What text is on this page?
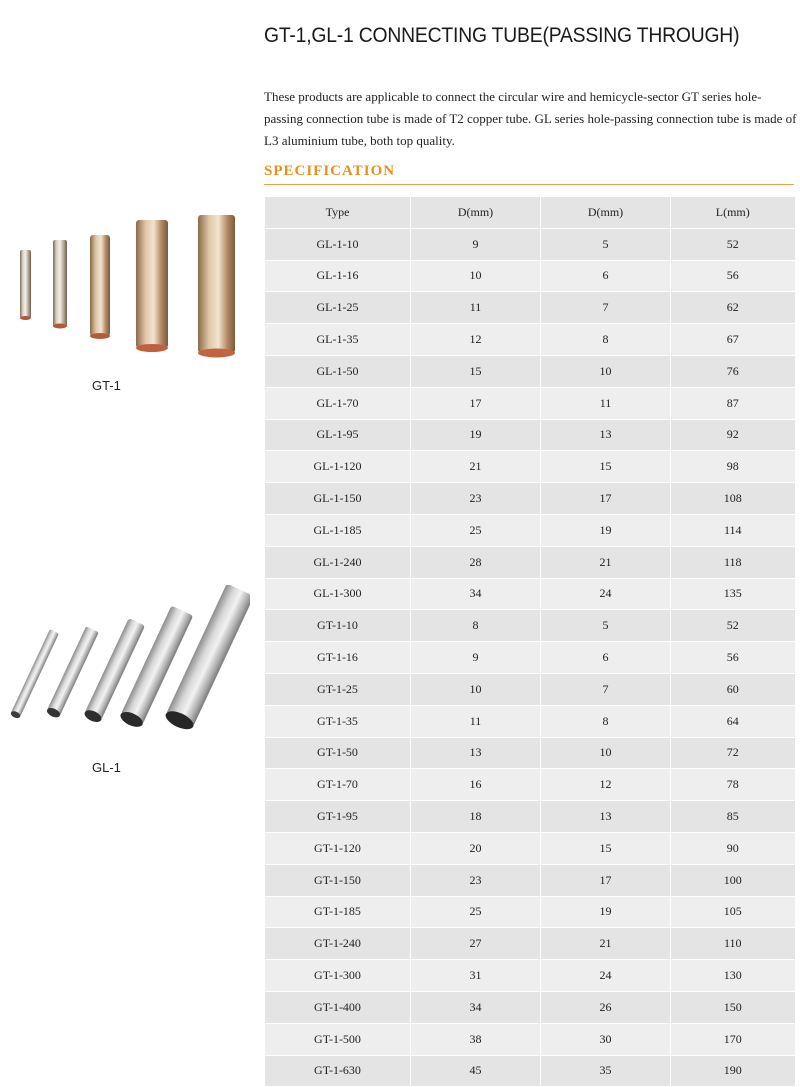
GT-1,GL-1 CONNECTING TUBE(PASSING THROUGH)
These products are applicable to connect the circular wire and hemicycle-sector GT series hole-passing connection tube is made of T2 copper tube. GL series hole-passing connection tube is made of L3 aluminium tube, both top quality.
SPECIFICATION
GT-1
GL-1
Type	D(mm)	D(mm)	L(mm)
GL-1-10	9	5	52
GL-1-16	10	6	56
GL-1-25	11	7	62
GL-1-35	12	8	67
GL-1-50	15	10	76
GL-1-70	17	11	87
GL-1-95	19	13	92
GL-1-120	21	15	98
GL-1-150	23	17	108
GL-1-185	25	19	114
GL-1-240	28	21	118
GL-1-300	34	24	135
GT-1-10	8	5	52
GT-1-16	9	6	56
GT-1-25	10	7	60
GT-1-35	11	8	64
GT-1-50	13	10	72
GT-1-70	16	12	78
GT-1-95	18	13	85
GT-1-120	20	15	90
GT-1-150	23	17	100
GT-1-185	25	19	105
GT-1-240	27	21	110
GT-1-300	31	24	130
GT-1-400	34	26	150
GT-1-500	38	30	170
GT-1-630	45	35	190
